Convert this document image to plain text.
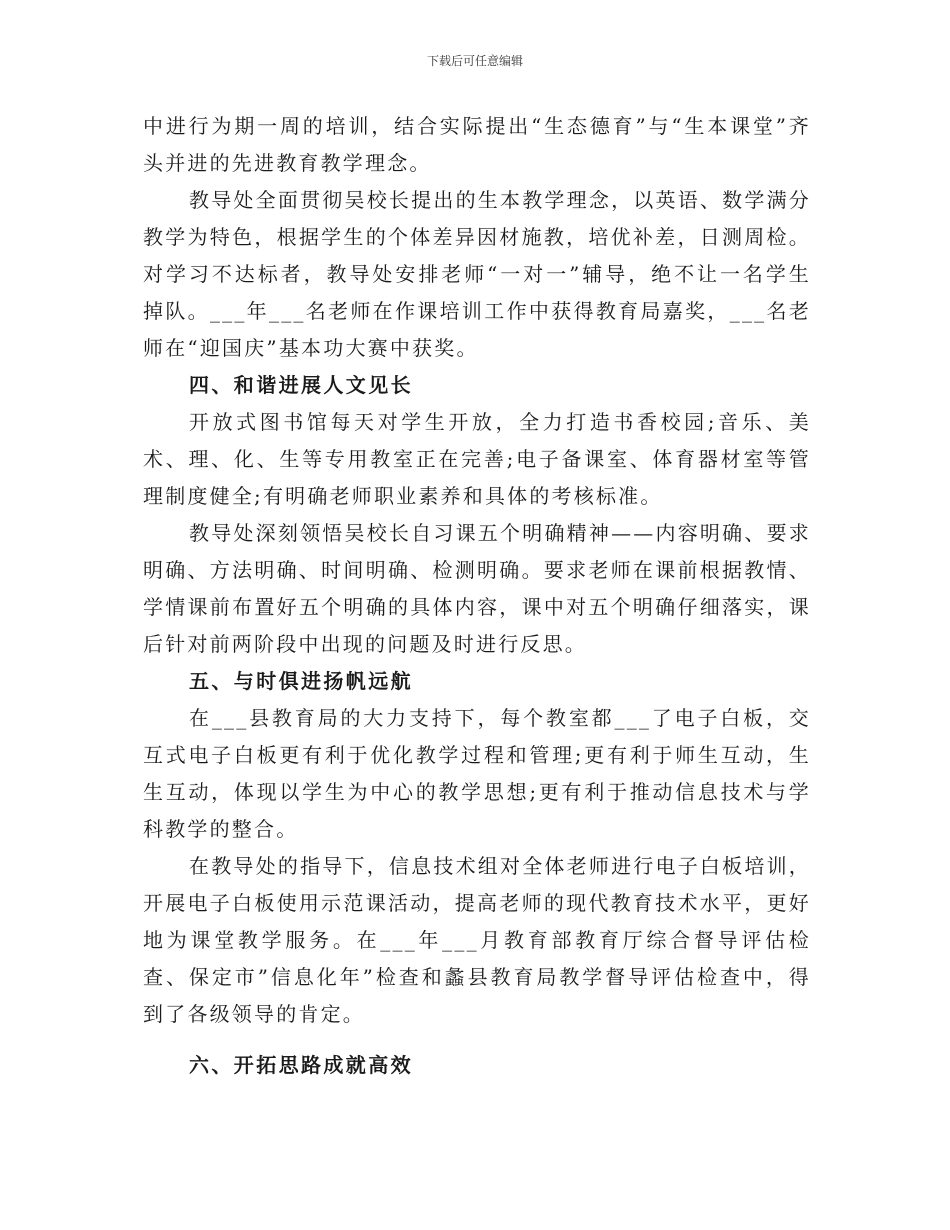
下载后可任意编辑

中进行为期一周的培训，结合实际提出“生态德育”与“生本课堂”齐头并进的先进教育教学理念。

教导处全面贯彻吴校长提出的生本教学理念，以英语、数学满分教学为特色，根据学生的个体差异因材施教，培优补差，日测周检。对学习不达标者，教导处安排老师“一对一”辅导，绝不让一名学生掉队。___年___名老师在作课培训工作中获得教育局嘉奖，___名老师在“迎国庆”基本功大赛中获奖。

四、和谐进展人文见长

开放式图书馆每天对学生开放，全力打造书香校园;音乐、美术、理、化、生等专用教室正在完善;电子备课室、体育器材室等管理制度健全;有明确老师职业素养和具体的考核标准。

教导处深刻领悟吴校长自习课五个明确精神——内容明确、要求明确、方法明确、时间明确、检测明确。要求老师在课前根据教情、学情课前布置好五个明确的具体内容，课中对五个明确仔细落实，课后针对前两阶段中出现的问题及时进行反思。

五、与时俱进扬帆远航

在___县教育局的大力支持下，每个教室都___了电子白板，交互式电子白板更有利于优化教学过程和管理;更有利于师生互动，生生互动，体现以学生为中心的教学思想;更有利于推动信息技术与学科教学的整合。

在教导处的指导下，信息技术组对全体老师进行电子白板培训，开展电子白板使用示范课活动，提高老师的现代教育技术水平，更好地为课堂教学服务。在___年___月教育部教育厅综合督导评估检查、保定市”信息化年”检查和蠡县教育局教学督导评估检查中，得到了各级领导的肯定。

六、开拓思路成就高效
